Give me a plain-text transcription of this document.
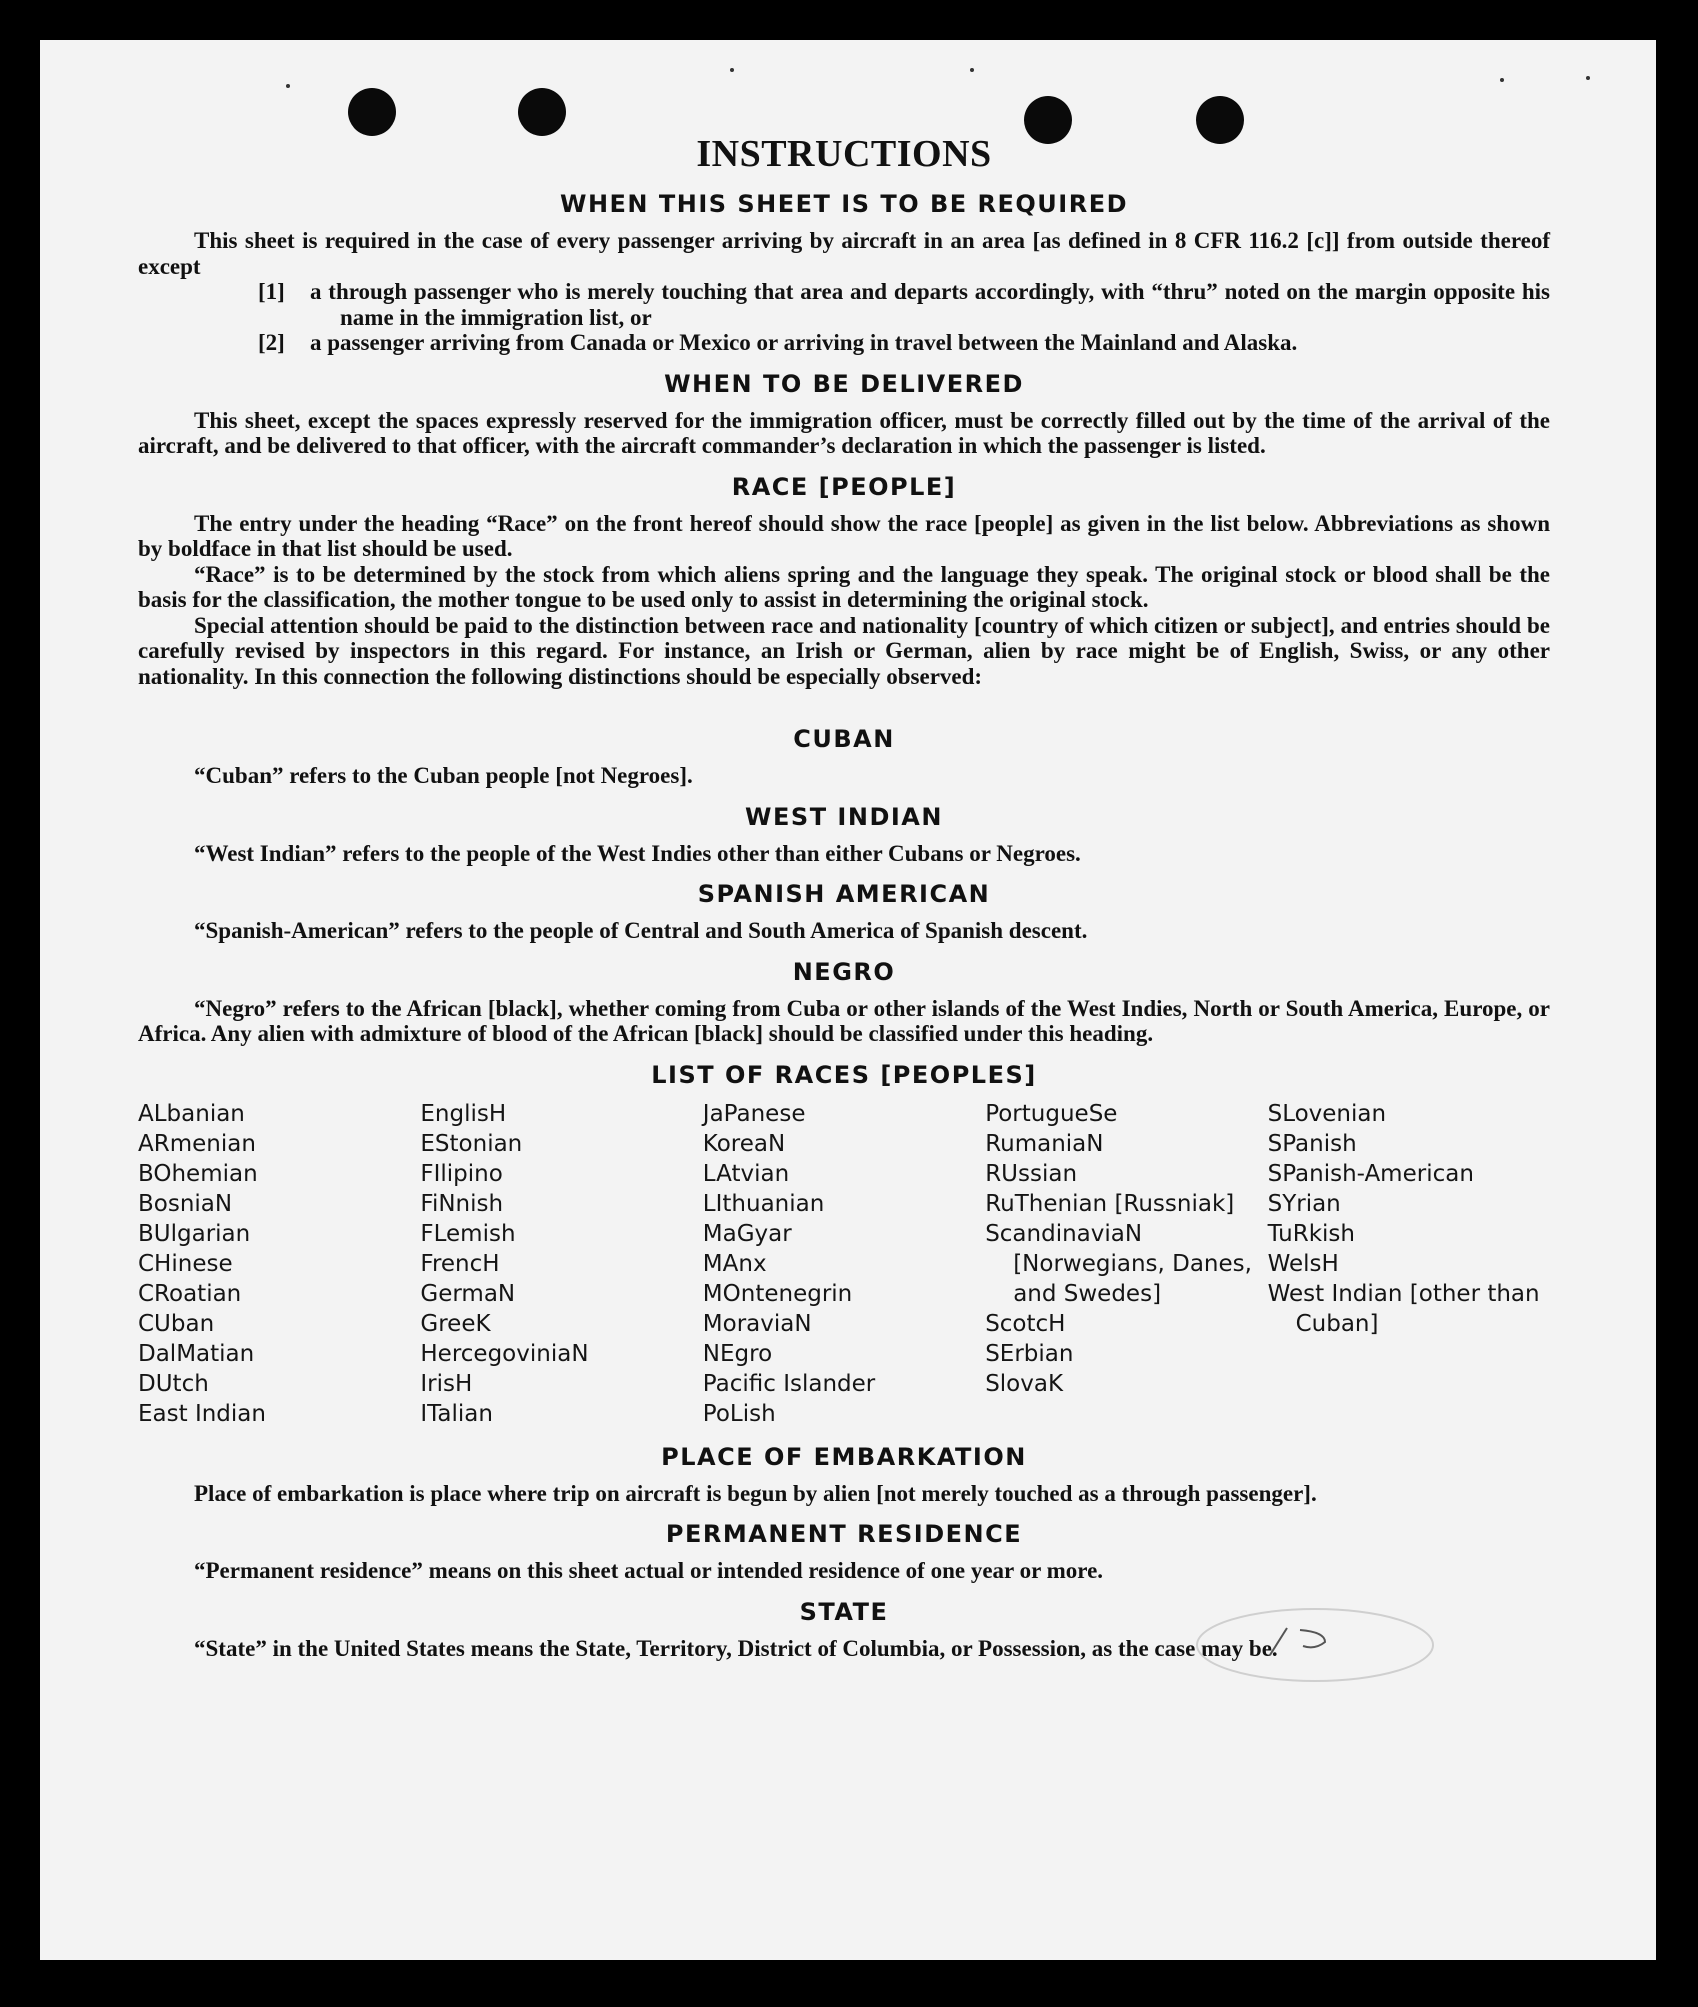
INSTRUCTIONS
WHEN THIS SHEET IS TO BE REQUIRED

This sheet is required in the case of every passenger arriving by aircraft in an area [as defined in 8 CFR 116.2 [c]] from outside thereof except

[1] a through passenger who is merely touching that area and departs accordingly, with “thru” noted on the margin opposite his name in the immigration list, or

[2] a passenger arriving from Canada or Mexico or arriving in travel between the Mainland and Alaska.

WHEN TO BE DELIVERED

This sheet, except the spaces expressly reserved for the immigration officer, must be correctly filled out by the time of the arrival of the aircraft, and be delivered to that officer, with the aircraft commander’s declaration in which the passenger is listed.

RACE [PEOPLE]

The entry under the heading “Race” on the front hereof should show the race [people] as given in the list below. Abbreviations as shown by boldface in that list should be used.

“Race” is to be determined by the stock from which aliens spring and the language they speak. The original stock or blood shall be the basis for the classification, the mother tongue to be used only to assist in determining the original stock.

Special attention should be paid to the distinction between race and nationality [country of which citizen or subject], and entries should be carefully revised by inspectors in this regard. For instance, an Irish or German, alien by race might be of English, Swiss, or any other nationality. In this connection the following distinctions should be especially observed:

CUBAN

“Cuban” refers to the Cuban people [not Negroes].

WEST INDIAN

“West Indian” refers to the people of the West Indies other than either Cubans or Negroes.

SPANISH AMERICAN

“Spanish-American” refers to the people of Central and South America of Spanish descent.

NEGRO

“Negro” refers to the African [black], whether coming from Cuba or other islands of the West Indies, North or South America, Europe, or Africa. Any alien with admixture of blood of the African [black] should be classified under this heading.

LIST OF RACES [PEOPLES]
ALbanian
ARmenian
BOhemian
BosniaN
BUlgarian
CHinese
CRoatian
CUban
DalMatian
DUtch
East Indian
EnglisH
EStonian
FIlipino
FiNnish
FLemish
FrencH
GermaN
GreeK
HercegoviniaN
IrisH
ITalian
JaPanese
KoreaN
LAtvian
LIthuanian
MaGyar
MAnx
MOntenegrin
MoraviaN
NEgro
Pacific Islander
PoLish
PortugueSe
RumaniaN
RUssian
RuThenian [Russniak]
ScandinaviaN [Norwegians, Danes, and Swedes]
ScotcH
SErbian
SlovaK
SLovenian
SPanish
SPanish-American
SYrian
TuRkish
WelsH
West Indian [other than Cuban]
PLACE OF EMBARKATION

Place of embarkation is place where trip on aircraft is begun by alien [not merely touched as a through passenger].

PERMANENT RESIDENCE

“Permanent residence” means on this sheet actual or intended residence of one year or more.

STATE

“State” in the United States means the State, Territory, District of Columbia, or Possession, as the case may be.
